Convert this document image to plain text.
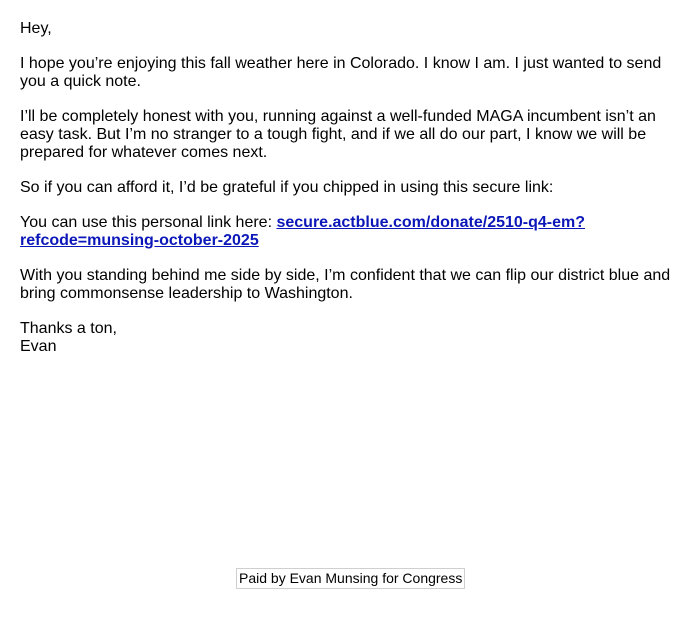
Hey,

I hope you’re enjoying this fall weather here in Colorado. I know I am. I just wanted to send you a quick note.

I’ll be completely honest with you, running against a well-funded MAGA incumbent isn’t an easy task. But I’m no stranger to a tough fight, and if we all do our part, I know we will be prepared for whatever comes next.

So if you can afford it, I’d be grateful if you chipped in using this secure link:

You can use this personal link here: secure.actblue.com/donate/2510-q4-em?
refcode=munsing-october-2025

With you standing behind me side by side, I’m confident that we can flip our district blue and bring commonsense leadership to Washington.

Thanks a ton,

Evan

Paid by Evan Munsing for Congress
